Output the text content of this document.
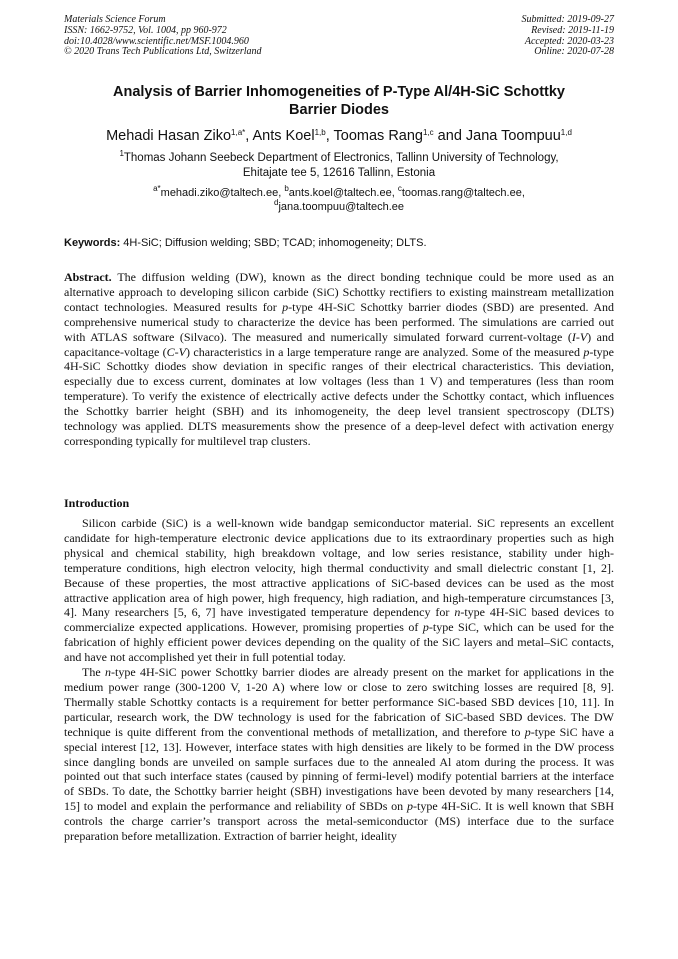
Materials Science Forum
ISSN: 1662-9752, Vol. 1004, pp 960-972
doi:10.4028/www.scientific.net/MSF.1004.960
© 2020 Trans Tech Publications Ltd, Switzerland
Submitted: 2019-09-27
Revised: 2019-11-19
Accepted: 2020-03-23
Online: 2020-07-28
Analysis of Barrier Inhomogeneities of P-Type Al/4H-SiC Schottky
Barrier Diodes
Mehadi Hasan Ziko$^{1,a*}$, Ants Koel$^{1,b}$, Toomas Rang$^{1,c}$ and Jana Toompuu$^{1,d}$
$^1$Thomas Johann Seebeck Department of Electronics, Tallinn University of Technology,
Ehitajate tee 5, 12616 Tallinn, Estonia
$^{a*}$mehadi.ziko@taltech.ee, $^b$ants.koel@taltech.ee, $^c$toomas.rang@taltech.ee,
$^d$jana.toompuu@taltech.ee
Keywords: 4H-SiC; Diffusion welding; SBD; TCAD; inhomogeneity; DLTS.

Abstract. The diffusion welding (DW), known as the direct bonding technique could be more used as an alternative approach to developing silicon carbide (SiC) Schottky rectifiers to existing mainstream metallization contact technologies. Measured results for p-type 4H-SiC Schottky barrier diodes (SBD) are presented. And comprehensive numerical study to characterize the device has been performed. The simulations are carried out with ATLAS software (Silvaco). The measured and numerically simulated forward current-voltage (I-V) and capacitance-voltage (C-V) characteristics in a large temperature range are analyzed. Some of the measured p-type 4H-SiC Schottky diodes show deviation in specific ranges of their electrical characteristics. This deviation, especially due to excess current, dominates at low voltages (less than 1 V) and temperatures (less than room temperature). To verify the existence of electrically active defects under the Schottky contact, which influences the Schottky barrier height (SBH) and its inhomogeneity, the deep level transient spectroscopy (DLTS) technology was applied. DLTS measurements show the presence of a deep-level defect with activation energy corresponding typically for multilevel trap clusters.

Introduction

Silicon carbide (SiC) is a well-known wide bandgap semiconductor material. SiC represents an excellent candidate for high-temperature electronic device applications due to its extraordinary properties such as high physical and chemical stability, high breakdown voltage, and low series resistance, stability under high-temperature conditions, high electron velocity, high thermal conductivity and small dielectric constant [1, 2]. Because of these properties, the most attractive applications of SiC-based devices can be used as the most attractive application area of high power, high frequency, high radiation, and high-temperature circumstances [3, 4]. Many researchers [5, 6, 7] have investigated temperature dependency for n-type 4H-SiC based devices to commercialize expected applications. However, promising properties of p-type SiC, which can be used for the fabrication of highly efficient power devices depending on the quality of the SiC layers and metal–SiC contacts, and have not accomplished yet their in full potential today.

The n-type 4H-SiC power Schottky barrier diodes are already present on the market for applications in the medium power range (300-1200 V, 1-20 A) where low or close to zero switching losses are required [8, 9]. Thermally stable Schottky contacts is a requirement for better performance SiC-based SBD devices [10, 11]. In particular, research work, the DW technology is used for the fabrication of SiC-based SBD devices. The DW technique is quite different from the conventional methods of metallization, and therefore to p-type SiC have a special interest [12, 13]. However, interface states with high densities are likely to be formed in the DW process since dangling bonds are unveiled on sample surfaces due to the annealed Al atom during the process. It was pointed out that such interface states (caused by pinning of fermi-level) modify potential barriers at the interface of SBDs. To date, the Schottky barrier height (SBH) investigations have been devoted by many researchers [14, 15] to model and explain the performance and reliability of SBDs on p-type 4H-SiC. It is well known that SBH controls the charge carrier’s transport across the metal-semiconductor (MS) interface due to the surface preparation before metallization. Extraction of barrier height, ideality
